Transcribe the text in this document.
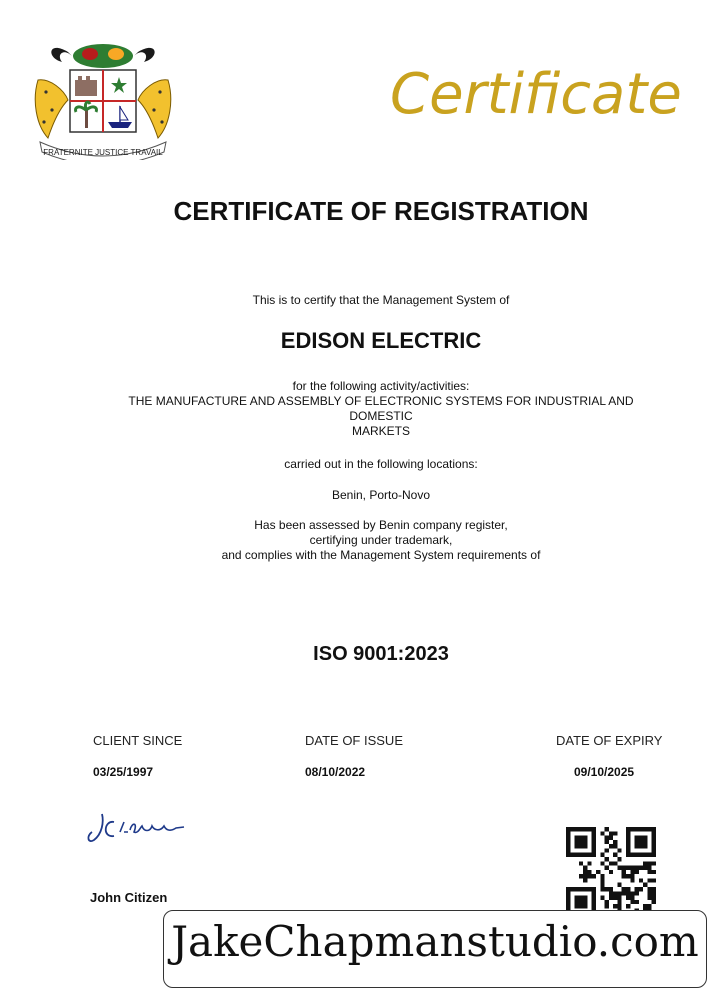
FRATERNITE JUSTICE TRAVAIL
Certificate
CERTIFICATE OF REGISTRATION
This is to certify that the Management System of
EDISON ELECTRIC
for the following activity/activities:
THE MANUFACTURE AND ASSEMBLY OF ELECTRONIC SYSTEMS FOR INDUSTRIAL AND
DOMESTIC
MARKETS
carried out in the following locations:
Benin, Porto-Novo
Has been assessed by Benin company register,
certifying under trademark,
and complies with the Management System requirements of
ISO 9001:2023
CLIENT SINCE
03/25/1997
DATE OF ISSUE
08/10/2022
DATE OF EXPIRY
09/10/2025
John Citizen
JakeChapmanstudio.com
